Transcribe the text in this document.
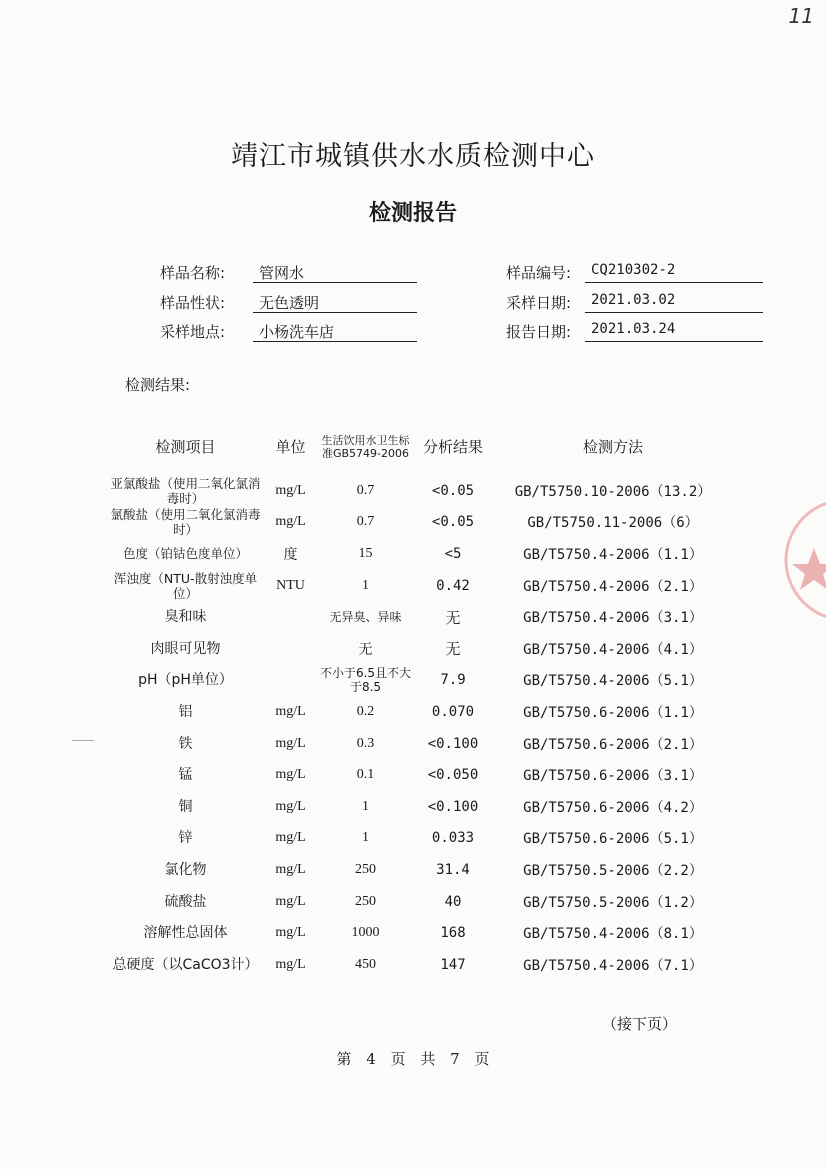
11
靖江市城镇供水水质检测中心
检测报告
样品名称:	管网水
样品性状:	无色透明
采样地点:	小杨洗车店
样品编号:	CQ210302-2
采样日期:	2021.03.02
报告日期:	2021.03.24
检测结果:
检测项目	单位	生活饮用水卫生标准GB5749-2006	分析结果	检测方法
亚氯酸盐（使用二氧化氯消毒时）	mg/L	0.7	<0.05	GB/T5750.10-2006（13.2）
氯酸盐（使用二氧化氯消毒时）	mg/L	0.7	<0.05	GB/T5750.11-2006（6）
色度（铂钴色度单位）	度	15	<5	GB/T5750.4-2006（1.1）
浑浊度（NTU-散射浊度单位）	NTU	1	0.42	GB/T5750.4-2006（2.1）
臭和味		无异臭、异味	无	GB/T5750.4-2006（3.1）
肉眼可见物		无	无	GB/T5750.4-2006（4.1）
pH（pH单位）		不小于6.5且不大于8.5	7.9	GB/T5750.4-2006（5.1）
铝	mg/L	0.2	0.070	GB/T5750.6-2006（1.1）
铁	mg/L	0.3	<0.100	GB/T5750.6-2006（2.1）
锰	mg/L	0.1	<0.050	GB/T5750.6-2006（3.1）
铜	mg/L	1	<0.100	GB/T5750.6-2006（4.2）
锌	mg/L	1	0.033	GB/T5750.6-2006（5.1）
氯化物	mg/L	250	31.4	GB/T5750.5-2006（2.2）
硫酸盐	mg/L	250	40	GB/T5750.5-2006（1.2）
溶解性总固体	mg/L	1000	168	GB/T5750.4-2006（8.1）
总硬度（以CaCO3计）	mg/L	450	147	GB/T5750.4-2006（7.1）
（接下页）
第 4 页 共 7 页
